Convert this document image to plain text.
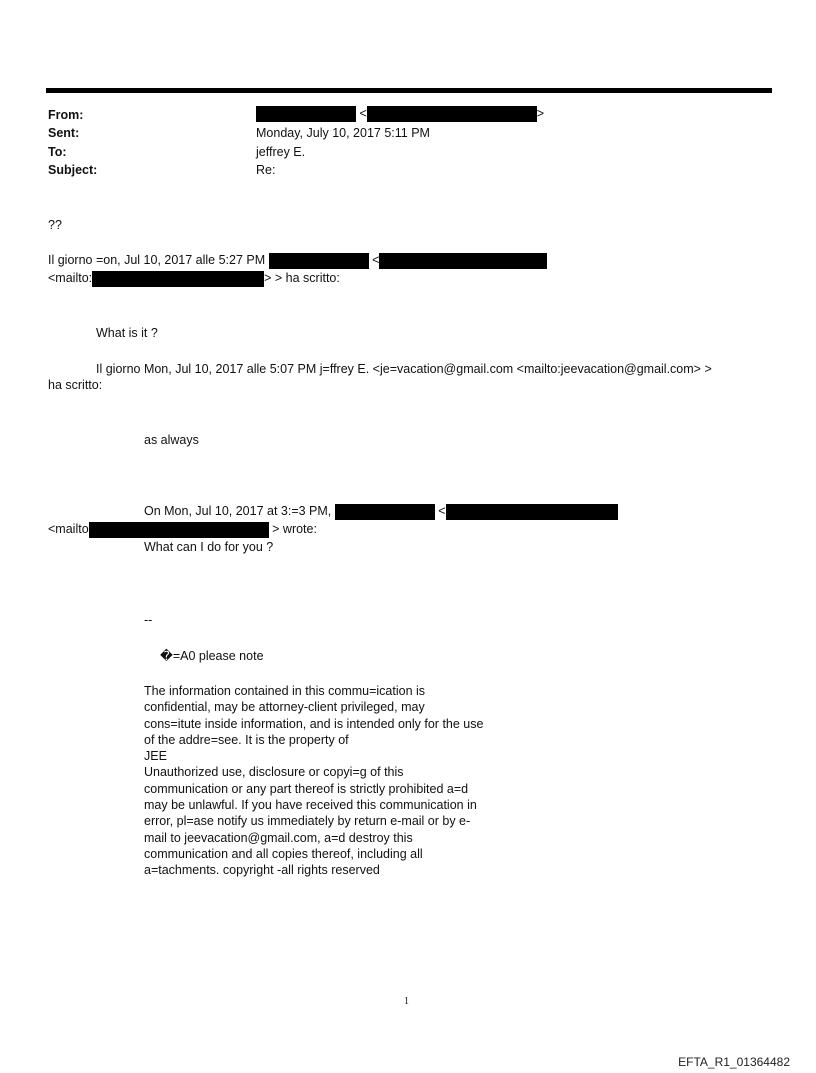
From:	<	>
Sent:	Monday, July 10, 2017 5:11 PM
To:	jeffrey E.
Subject:	Re:
??
Il giorno =on, Jul 10, 2017 alle 5:27 PM	<
<mailto:	> > ha scritto:
What is it ?
Il giorno Mon, Jul 10, 2017 alle 5:07 PM j=ffrey E. <je=vacation@gmail.com <mailto:jeevacation@gmail.com> >
ha scritto:
as always
On Mon, Jul 10, 2017 at 3:=3 PM,	<
<mailto	> wrote:
What can I do for you ?
--
�=A0 please note
The information contained in this commu=ication is confidential, may be attorney-client privileged, may cons=itute inside information, and is intended only for the use of the addre=see. It is the property of
JEE
Unauthorized use, disclosure or copyi=g of this communication or any part thereof is strictly prohibited a=d may be unlawful. If you have received this communication in error, pl=ase notify us immediately by return e-mail or by e-mail to jeevacation@gmail.com, a=d destroy this communication and all copies thereof, including all a=tachments. copyright -all rights reserved
1
EFTA_R1_01364482
